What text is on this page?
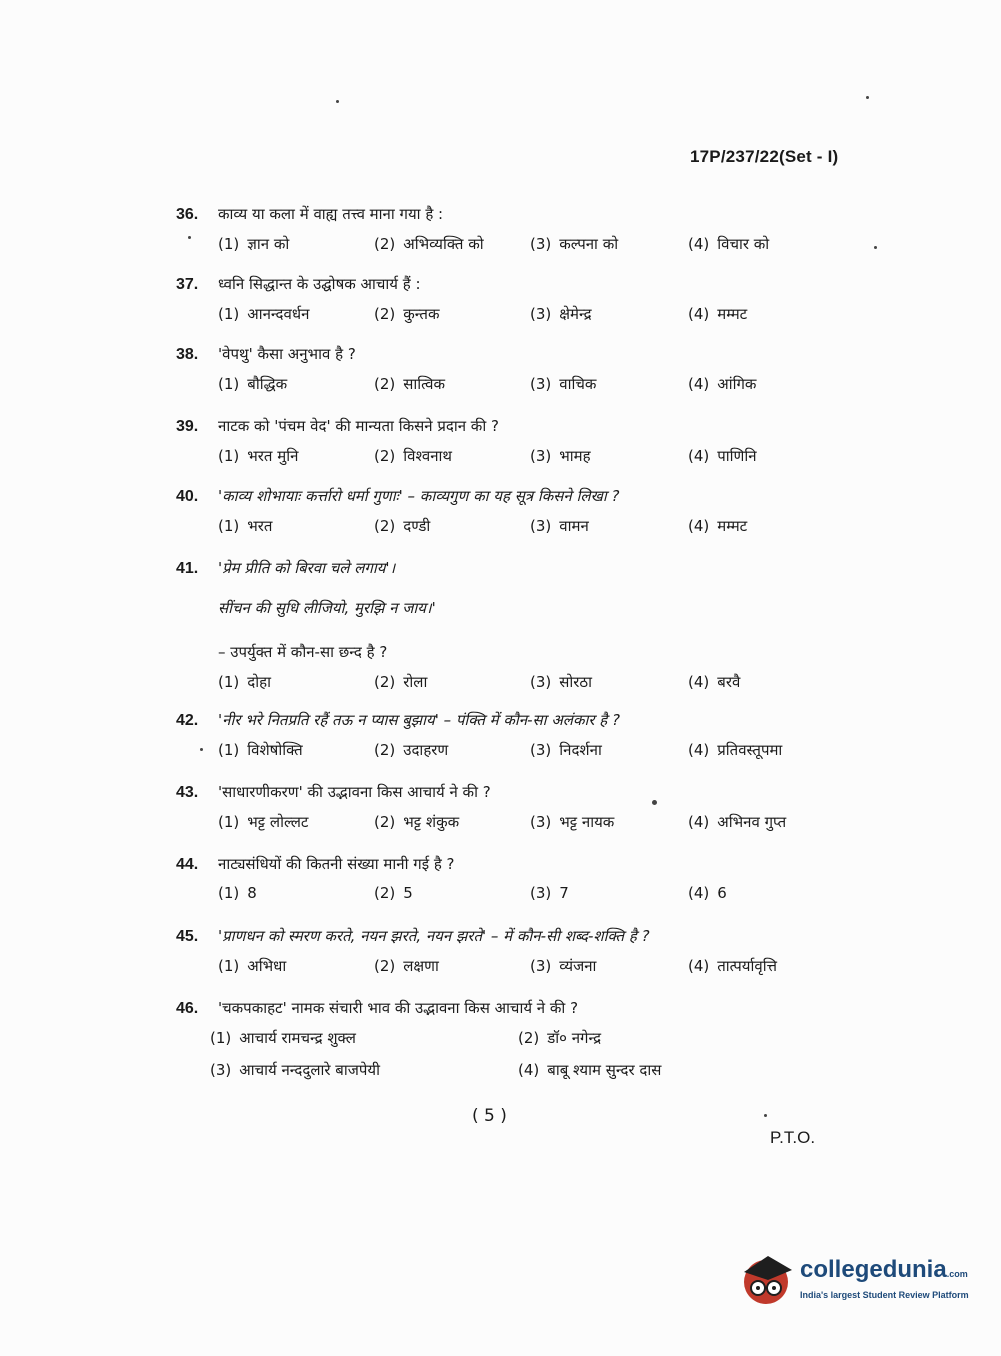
17P/237/22(Set - I)
36. काव्य या कला में वाह्य तत्त्व माना गया है :
(1) ज्ञान को	(2) अभिव्यक्ति को	(3) कल्पना को	(4) विचार को
37. ध्वनि सिद्धान्त के उद्घोषक आचार्य हैं :
(1) आनन्दवर्धन	(2) कुन्तक	(3) क्षेमेन्द्र	(4) मम्मट
38. 'वेपथु' कैसा अनुभाव है ?
(1) बौद्धिक	(2) सात्विक	(3) वाचिक	(4) आंगिक
39. नाटक को 'पंचम वेद' की मान्यता किसने प्रदान की ?
(1) भरत मुनि	(2) विश्वनाथ	(3) भामह	(4) पाणिनि
40. 'काव्य शोभायाः कर्त्तारो धर्मा गुणाः' – काव्यगुण का यह सूत्र किसने लिखा ?
(1) भरत	(2) दण्डी	(3) वामन	(4) मम्मट
41. 'प्रेम प्रीति को बिरवा चले लगाय'।
सींचन की सुधि लीजियो, मुरझि न जाय।'
– उपर्युक्त में कौन-सा छन्द है ?
(1) दोहा	(2) रोला	(3) सोरठा	(4) बरवै
42. 'नीर भरे नितप्रति रहैं तऊ न प्यास बुझाय' – पंक्ति में कौन-सा अलंकार है ?
(1) विशेषोक्ति	(2) उदाहरण	(3) निदर्शना	(4) प्रतिवस्तूपमा
43. 'साधारणीकरण' की उद्भावना किस आचार्य ने की ?
(1) भट्ट लोल्लट	(2) भट्ट शंकुक	(3) भट्ट नायक	(4) अभिनव गुप्त
44. नाट्यसंधियों की कितनी संख्या मानी गई है ?
(1) 8	(2) 5	(3) 7	(4) 6
45. 'प्राणधन को स्मरण करते, नयन झरते, नयन झरते' – में कौन-सी शब्द-शक्ति है ?
(1) अभिधा	(2) लक्षणा	(3) व्यंजना	(4) तात्पर्यावृत्ति
46. 'चकपकाहट' नामक संचारी भाव की उद्भावना किस आचार्य ने की ?
(1) आचार्य रामचन्द्र शुक्ल	(2) डॉ० नगेन्द्र
(3) आचार्य नन्ददुलारे बाजपेयी	(4) बाबू श्याम सुन्दर दास
( 5 )
P.T.O.
collegedunia.com
India's largest Student Review Platform
